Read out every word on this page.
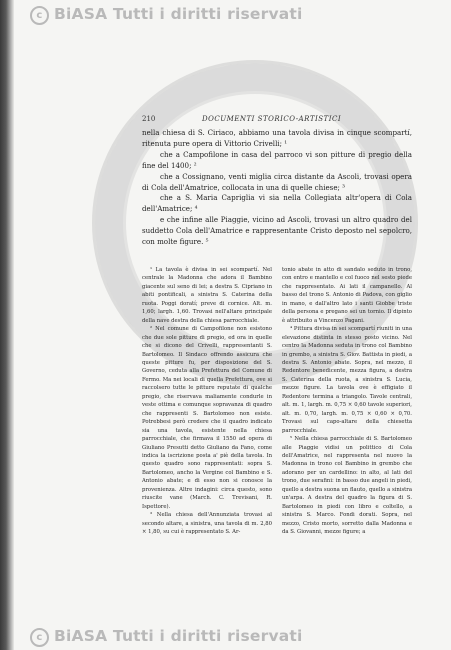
c BiASA Tutti i diritti riservati
210	DOCUMENTI STORICO-ARTISTICI

nella chiesa di S. Ciriaco, abbiamo una tavola divisa in cinque scompartí, ritenuta pure opera di Vittorio Crivelli; ¹

che a Campofilone in casa del parroco vi son pitture di pregio della fine del 1400; ²

che a Cossignano, venti miglia circa distante da Ascoli, trovasi opera di Cola dell'Amatrice, collocata in una di quelle chiese; ³

che a S. Maria Capriglia vi sia nella Collegiata altr'opera di Cola dell'Amatrice; ⁴

e che infine alle Piaggie, vicino ad Ascoli, trovasi un altro quadro del suddetto Cola dell'Amatrice e rappresentante Cristo deposto nel sepolcro, con molte figure. ⁵

¹ La tavola è divisa in sei scompartí. Nel centrale la Madonna che adora il Bambino giacente sul seno di lei; a destra S. Cipriano in abiti pontificali, a sinistra S. Caterina della ruota. Poggi doratí; preve di cornice. Alt. m. 1,60; largh. 1,60. Trovasi nell'altare principale della nave destra della chiesa parrocchiale.

² Nel comune di Campofilone non esistono che due sole pitture di pregio, ed ora in quelle che si dicono del Crivelli, rappresentanti S. Bartolomeo. Il Sindaco offrendo assicura che queste pitture fu, per disposizione del S. Governo, ceduta alla Prefettura del Comune di Fermo. Ma nei locali di quella Prefettura, ove si raccolsero tutte le pitture reputate di qualche pregio, che riservava maliamente condurle in veste ottima e comunque sopravanza di quadro che rappresenti S. Bartolomeo non esiste. Potrebbesi però credere che il quadro indicato sia una tavola, esistente nella chiesa parrocchiale, che firmava il 1550 ad opera di Giuliano Presutti detto Giuliano da Fano, come indica la iscrizione posta a' piè della tavola. In questo quadro sono rappresentati: sopra S. Bartolomeo, ancho la Vergine col Bambino e S. Antonio abate; e di esso non si conosce la provenienza. Altre indagini: circa questo, sono riuscite vane (March. C. Trevisani, R. Ispettore).

³ Nella chiesa dell'Annunziata trovasi al secondo altare, a sinistra, una tavola di m. 2,80 × 1,80, su cui è rappresentato S. Ar-

tonio abate in atto di sandalo seduto in trono, con entro e mantello e col fuoco nel sesto piede che rappresentato. Ai lati il campanello. Al basso del trono S. Antonio di Padova, con giglio in mano, e dall'altro lato i santi Giobbe triste della persona e pregano sei un tornio. Il dipinto è attribuito a Vincenzo Pagani.

⁴ Pittura divisa in sei scompartí riuniti in una elevazione distinta in stesso posto vicino. Nel centro la Madonna seduta in trono col Bambino in grembo, a sinistra S. Giov. Battista in piedi, a destra S. Antonio abate. Sopra, nel mezzo, il Redentore benedicente, mezza figura, a destra S. Caterina della ruota, a sinistra S. Lucia, mezze figure. La tavola ove è effigiato il Redentore termina a triangolo. Tavole centrali, alt. m. 1, largh. m. 0,75 × 0,60 tavole superiori, alt. m. 0,70, largh. m. 0,75 × 0,60 × 0,70. Trovasi sul capo-altare della chiesetta parrocchiale.

⁵ Nella chiesa parrocchiale di S. Bartolomeo alle Piaggie vidisi un polittico di Cola dell'Amatrice, nel rappresenta nel nuovo la Madonna in trono col Bambino in grembo che adorano per un cardellino: in alto, al lati del trono, due serafini: in basso due angeli in piedi, quello a destra suona un flauto, quello a sinistra un'arpa. A destra del quadro la figura di S. Bartolomeo in piedi con libro e coltello, a sinistra S. Marco. Fondi dorati. Sopra, nel mezzo, Cristo morto, sorretto dalla Madonna e da S. Giovanni, mezze figure; a

c BiASA Tutti i diritti riservati
